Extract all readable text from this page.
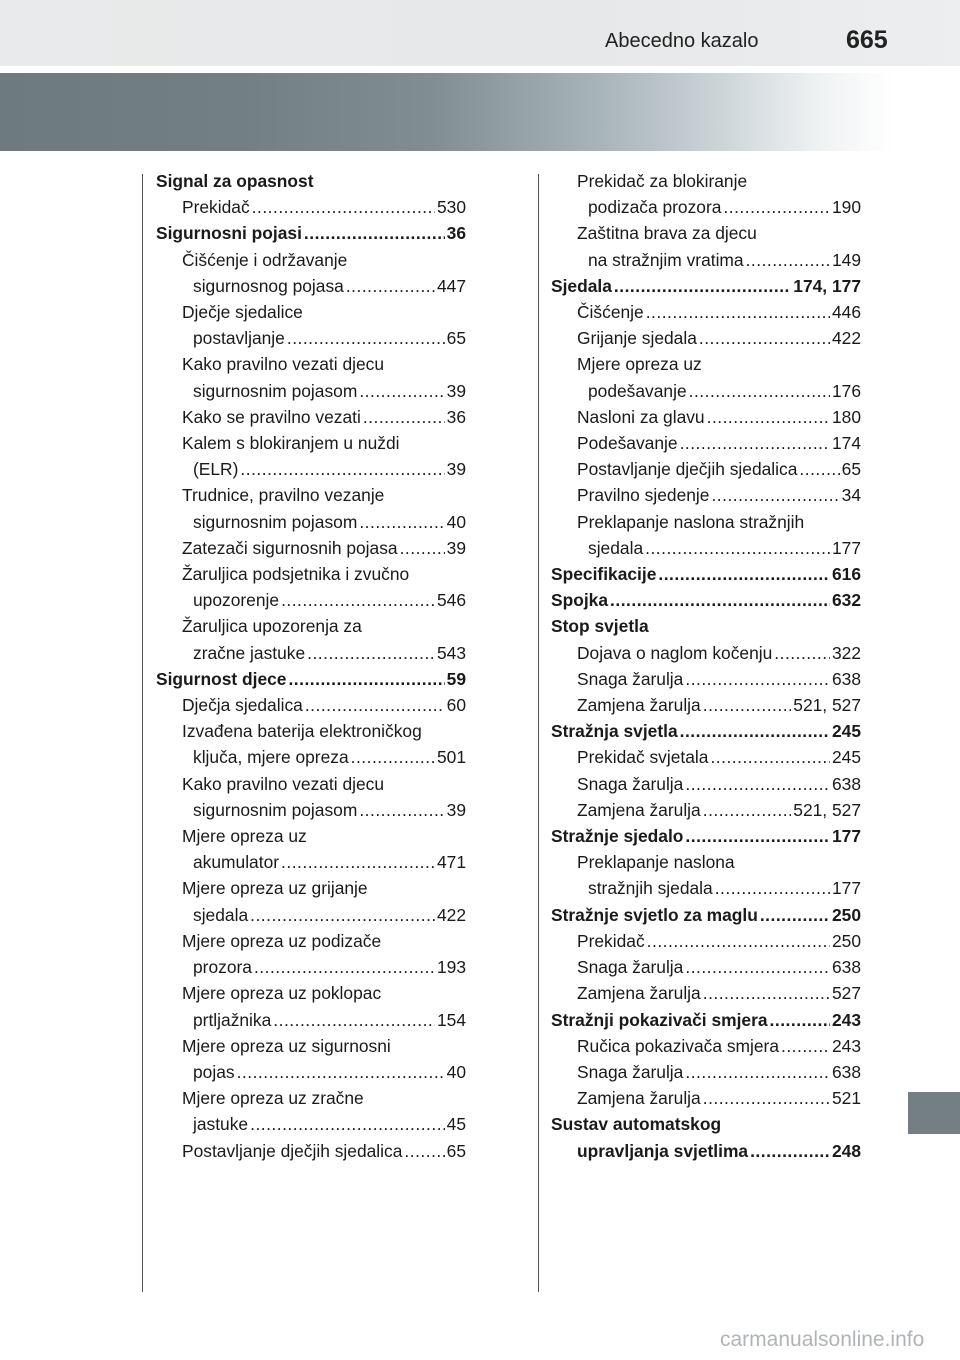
Abecedno kazalo	665
Signal za opasnost
Prekidač .....	530
Sigurnosni pojasi .....	36
Čišćenje i održavanje
sigurnosnog pojasa .....	447
Dječje sjedalice
postavljanje .....	65
Kako pravilno vezati djecu
sigurnosnim pojasom .....	39
Kako se pravilno vezati .....	36
Kalem s blokiranjem u nuždi
(ELR) .....	39
Trudnice, pravilno vezanje
sigurnosnim pojasom .....	40
Zatezači sigurnosnih pojasa .....	39
Žaruljica podsjetnika i zvučno
upozorenje .....	546
Žaruljica upozorenja za
zračne jastuke .....	543
Sigurnost djece .....	59
Dječja sjedalica .....	60
Izvađena baterija elektroničkog
ključa, mjere opreza .....	501
Kako pravilno vezati djecu
sigurnosnim pojasom .....	39
Mjere opreza uz
akumulator .....	471
Mjere opreza uz grijanje
sjedala .....	422
Mjere opreza uz podizače
prozora .....	193
Mjere opreza uz poklopac
prtljažnika .....	154
Mjere opreza uz sigurnosni
pojas .....	40
Mjere opreza uz zračne
jastuke .....	45
Postavljanje dječjih sjedalica .....	65
Prekidač za blokiranje
podizača prozora .....	190
Zaštitna brava za djecu
na stražnjim vratima .....	149
Sjedala .....	174, 177
Čišćenje .....	446
Grijanje sjedala .....	422
Mjere opreza uz
podešavanje .....	176
Nasloni za glavu .....	180
Podešavanje .....	174
Postavljanje dječjih sjedalica .....	65
Pravilno sjedenje .....	34
Preklapanje naslona stražnjih
sjedala .....	177
Specifikacije .....	616
Spojka .....	632
Stop svjetla
Dojava o naglom kočenju .....	322
Snaga žarulja .....	638
Zamjena žarulja .....	521, 527
Stražnja svjetla .....	245
Prekidač svjetala .....	245
Snaga žarulja .....	638
Zamjena žarulja .....	521, 527
Stražnje sjedalo .....	177
Preklapanje naslona
stražnjih sjedala .....	177
Stražnje svjetlo za maglu .....	250
Prekidač .....	250
Snaga žarulja .....	638
Zamjena žarulja .....	527
Stražnji pokazivači smjera .....	243
Ručica pokazivača smjera .....	243
Snaga žarulja .....	638
Zamjena žarulja .....	521
Sustav automatskog
upravljanja svjetlima .....	248
carmanualsonline.info
